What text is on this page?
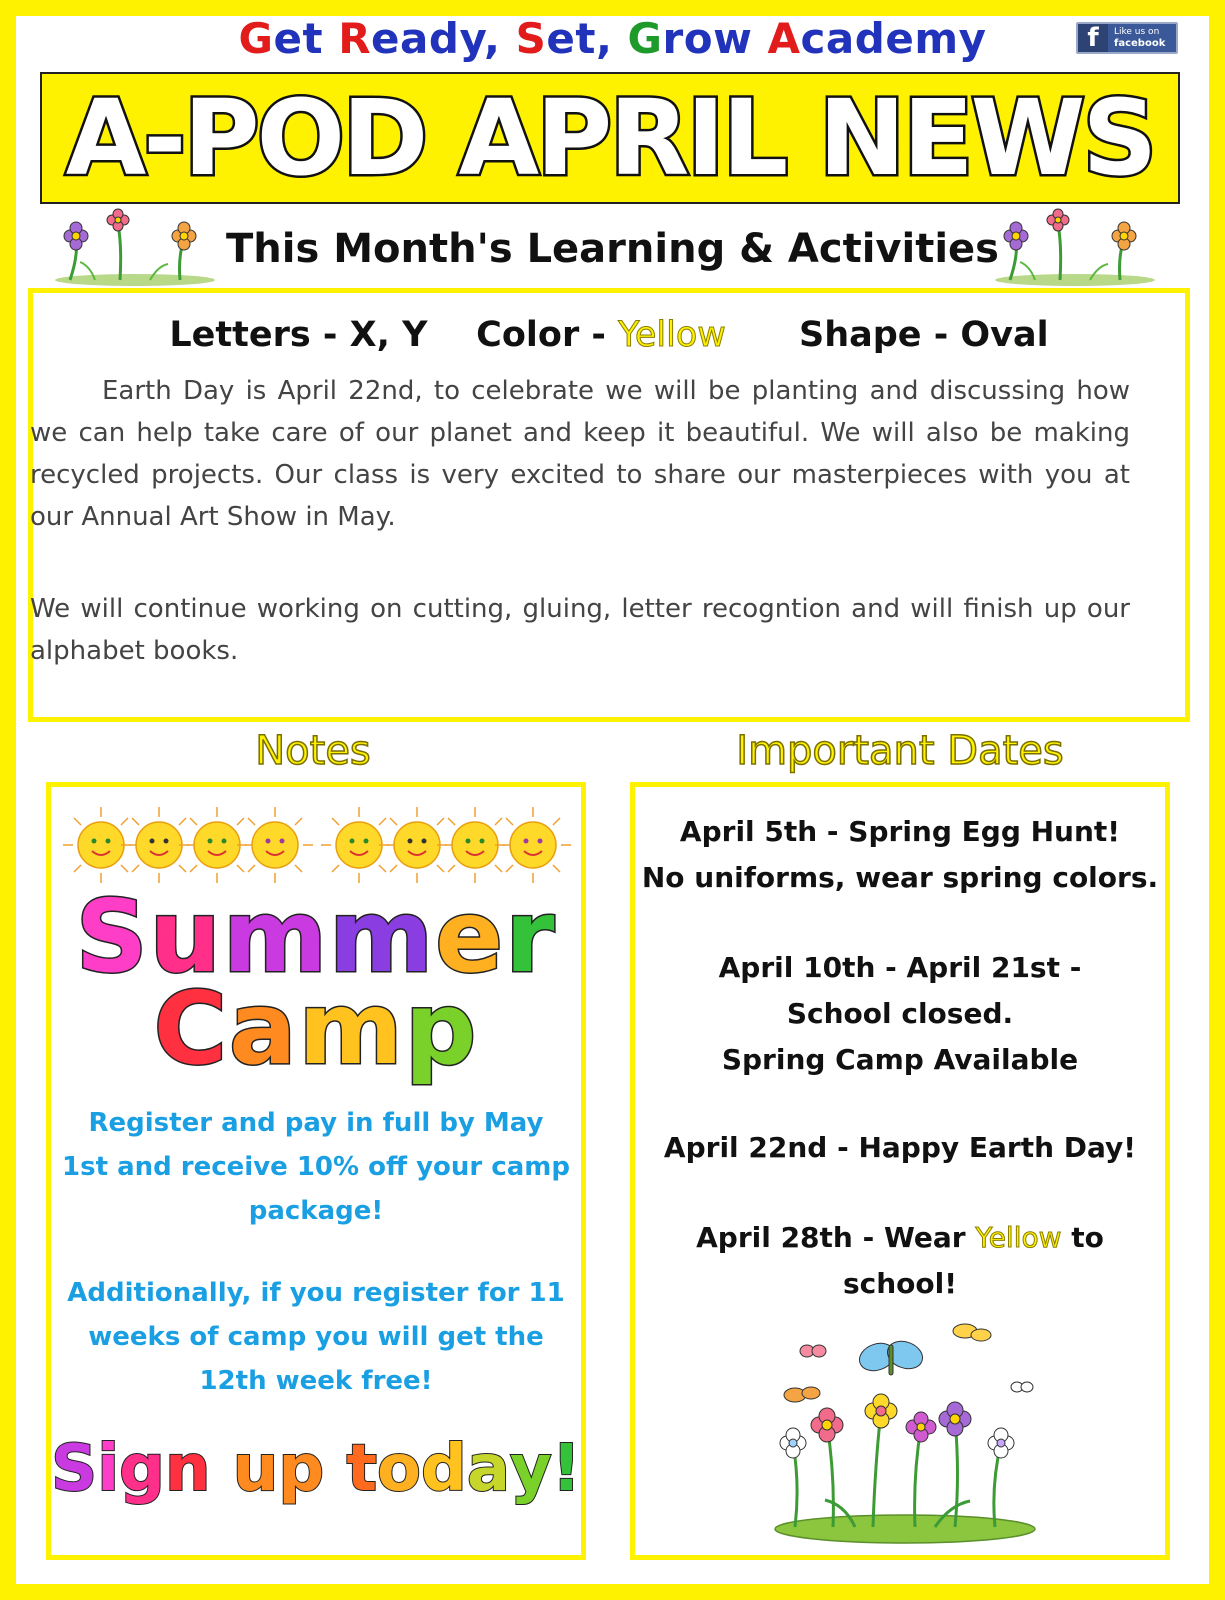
Get Ready, Set, Grow Academy	f	Like us on
facebook
A-POD APRIL NEWS
This Month's Learning & Activities
Letters - X, Y Color - Yellow Shape - Oval
Earth Day is April 22nd, to celebrate we will be planting and discussing how we can help take care of our planet and keep it beautiful. We will also be making recycled projects. Our class is very excited to share our masterpieces with you at our Annual Art Show in May.
We will continue working on cutting, gluing, letter recogntion and will finish up our alphabet books.
Notes	Important Dates
Summer
Camp
Register and pay in full by May 1st and receive 10% off your camp package!
Additionally, if you register for 11 weeks of camp you will get the 12th week free!
Sign up today!
April 5th - Spring Egg Hunt!
No uniforms, wear spring colors.
April 10th - April 21st -
School closed.
Spring Camp Available
April 22nd - Happy Earth Day!
April 28th - Wear Yellow to school!
